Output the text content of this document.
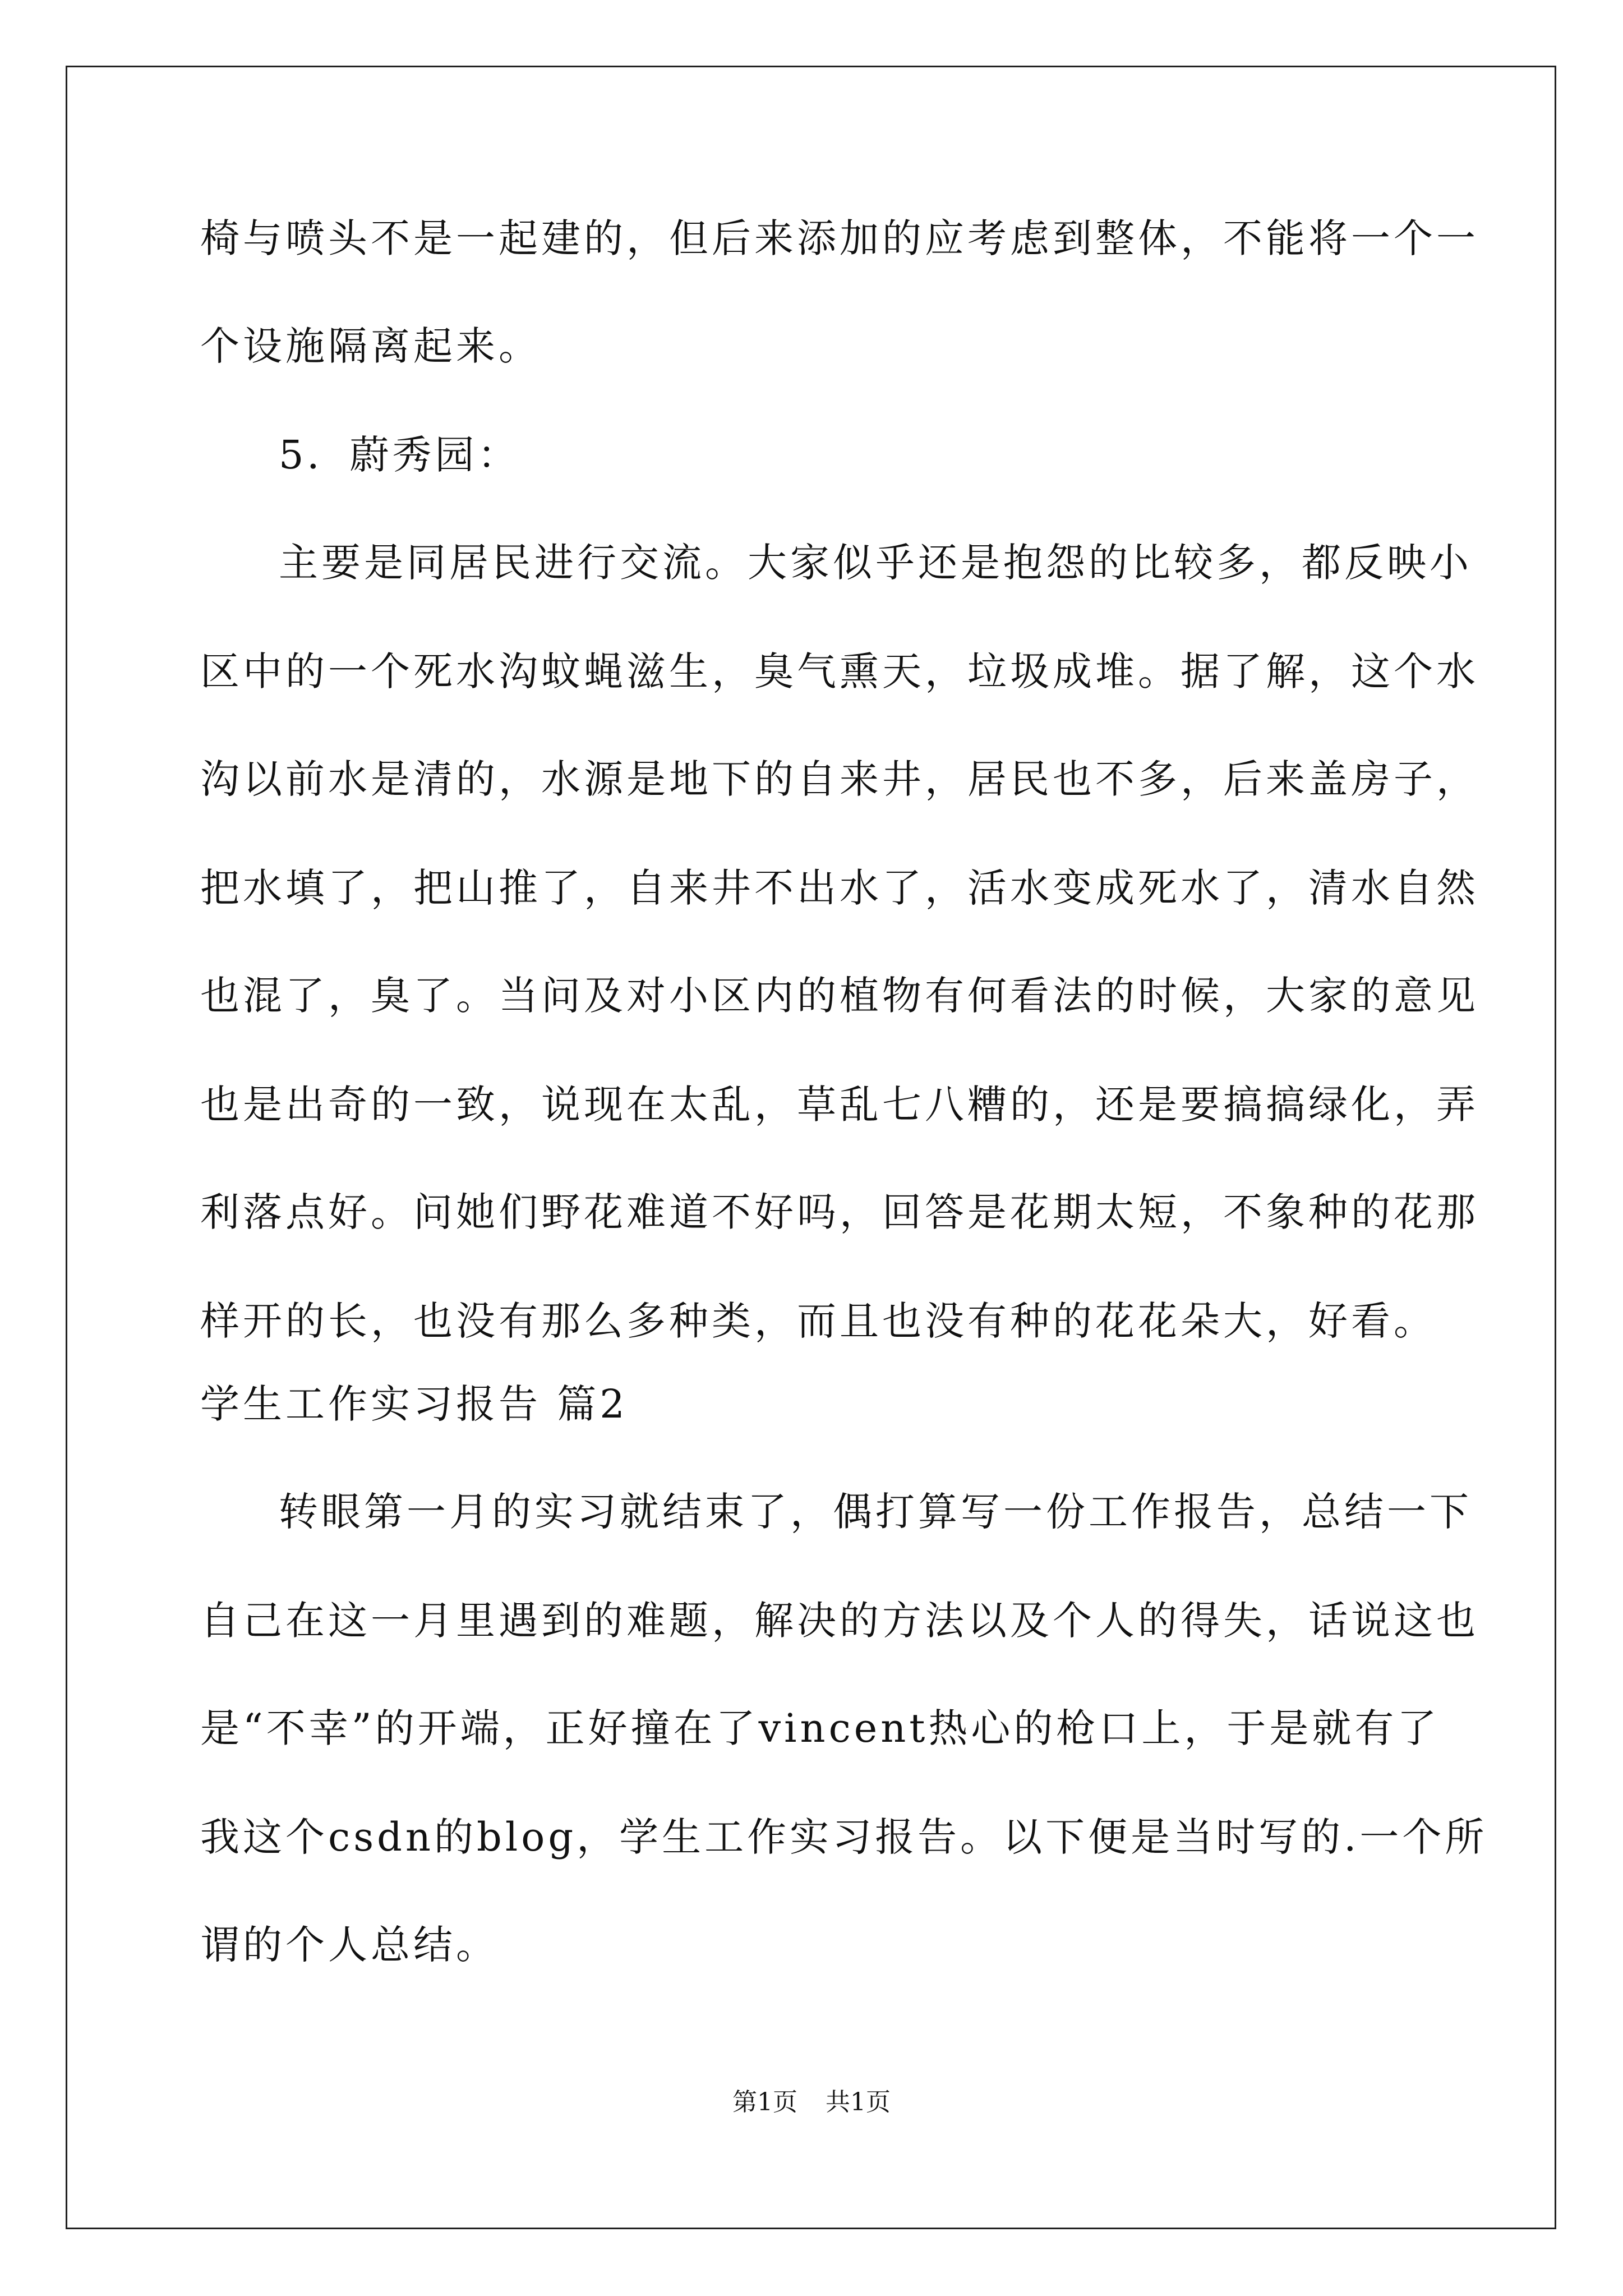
椅与喷头不是一起建的，但后来添加的应考虑到整体，不能将一个一
个设施隔离起来。
5．蔚秀园：
主要是同居民进行交流。大家似乎还是抱怨的比较多，都反映小
区中的一个死水沟蚊蝇滋生，臭气熏天，垃圾成堆。据了解，这个水
沟以前水是清的，水源是地下的自来井，居民也不多，后来盖房子，
把水填了，把山推了，自来井不出水了，活水变成死水了，清水自然
也混了，臭了。当问及对小区内的植物有何看法的时候，大家的意见
也是出奇的一致，说现在太乱，草乱七八糟的，还是要搞搞绿化，弄
利落点好。问她们野花难道不好吗，回答是花期太短，不象种的花那
样开的长，也没有那么多种类，而且也没有种的花花朵大，好看。
学生工作实习报告 篇2
转眼第一月的实习就结束了，偶打算写一份工作报告，总结一下
自己在这一月里遇到的难题，解决的方法以及个人的得失，话说这也
是“不幸”的开端，正好撞在了vincent热心的枪口上，于是就有了
我这个csdn的blog，学生工作实习报告。以下便是当时写的.一个所
谓的个人总结。
第1页 共1页
